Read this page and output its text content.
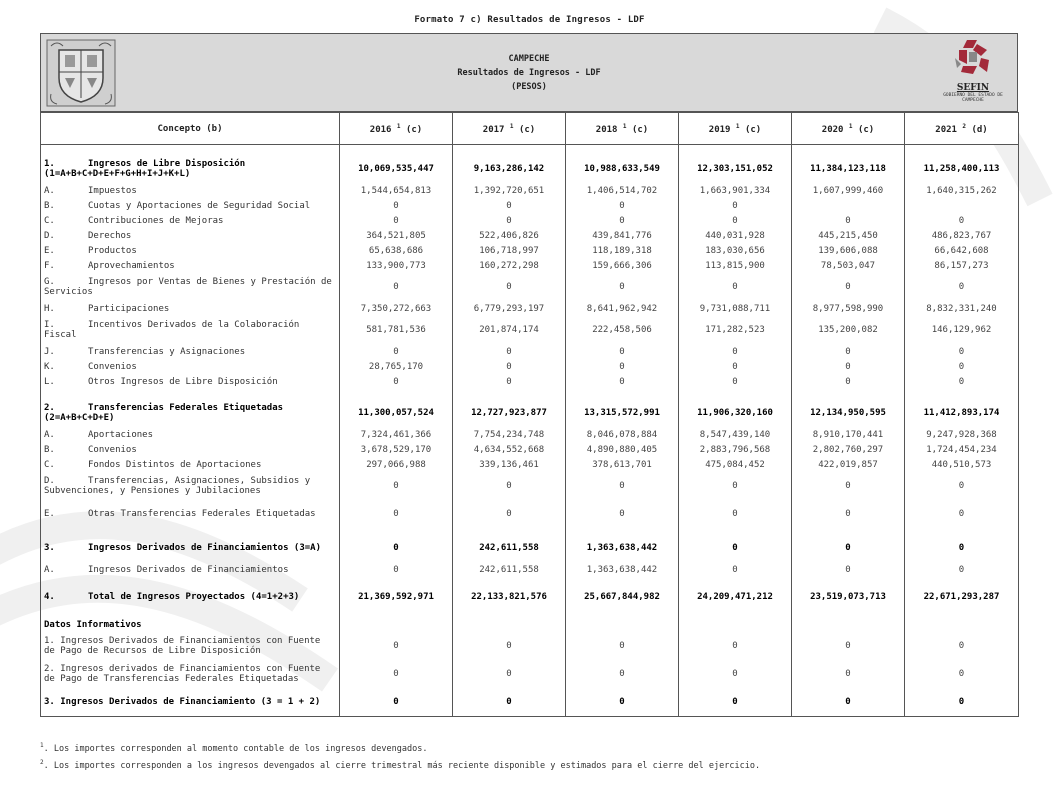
Formato 7 c) Resultados de Ingresos - LDF
CAMPECHE
Resultados de Ingresos - LDF
(PESOS)	SEFIN
GOBIERNO DEL ESTADO DE CAMPECHE
Concepto (b)	2016 $^1$ (c)	2017 $^1$ (c)	2018 $^1$ (c)	2019 $^1$ (c)	2020 $^1$ (c)	2021 $^2$ (d)

1. Ingresos de Libre Disposición (1=A+B+C+D+E+F+G+H+I+J+K+L)	10,069,535,447	9,163,286,142	10,988,633,549	12,303,151,052	11,384,123,118	11,258,400,113
A. Impuestos	1,544,654,813	1,392,720,651	1,406,514,702	1,663,901,334	1,607,999,460	1,640,315,262
B. Cuotas y Aportaciones de Seguridad Social	0	0	0	0		
C. Contribuciones de Mejoras	0	0	0	0	0	0
D. Derechos	364,521,805	522,406,826	439,841,776	440,031,928	445,215,450	486,823,767
E. Productos	65,638,686	106,718,997	118,189,318	183,030,656	139,606,088	66,642,608
F. Aprovechamientos	133,900,773	160,272,298	159,666,306	113,815,900	78,503,047	86,157,273
G. Ingresos por Ventas de Bienes y Prestación de Servicios	0	0	0	0	0	0
H. Participaciones	7,350,272,663	6,779,293,197	8,641,962,942	9,731,088,711	8,977,598,990	8,832,331,240
I. Incentivos Derivados de la Colaboración Fiscal	581,781,536	201,874,174	222,458,506	171,282,523	135,200,082	146,129,962
J. Transferencias y Asignaciones	0	0	0	0	0	0
K. Convenios	28,765,170	0	0	0	0	0
L. Otros Ingresos de Libre Disposición	0	0	0	0	0	0

2. Transferencias Federales Etiquetadas (2=A+B+C+D+E)	11,300,057,524	12,727,923,877	13,315,572,991	11,906,320,160	12,134,950,595	11,412,893,174
A. Aportaciones	7,324,461,366	7,754,234,748	8,046,078,884	8,547,439,140	8,910,170,441	9,247,928,368
B. Convenios	3,678,529,170	4,634,552,668	4,890,880,405	2,883,796,568	2,802,760,297	1,724,454,234
C. Fondos Distintos de Aportaciones	297,066,988	339,136,461	378,613,701	475,084,452	422,019,857	440,510,573
D. Transferencias, Asignaciones, Subsidios y Subvenciones, y Pensiones y Jubilaciones	0	0	0	0	0	0
E. Otras Transferencias Federales Etiquetadas	0	0	0	0	0	0

3. Ingresos Derivados de Financiamientos (3=A)	0	242,611,558	1,363,638,442	0	0	0
A. Ingresos Derivados de Financiamientos	0	242,611,558	1,363,638,442	0	0	0

4. Total de Ingresos Proyectados (4=1+2+3)	21,369,592,971	22,133,821,576	25,667,844,982	24,209,471,212	23,519,073,713	22,671,293,287

Datos Informativos						
1. Ingresos Derivados de Financiamientos con Fuente de Pago de Recursos de Libre Disposición	0	0	0	0	0	0
2. Ingresos derivados de Financiamientos con Fuente de Pago de Transferencias Federales Etiquetadas	0	0	0	0	0	0
3. Ingresos Derivados de Financiamiento (3 = 1 + 2)	0	0	0	0	0	0
$^1$. Los importes corresponden al momento contable de los ingresos devengados.
$^2$. Los importes corresponden a los ingresos devengados al cierre trimestral más reciente disponible y estimados para el cierre del ejercicio.
